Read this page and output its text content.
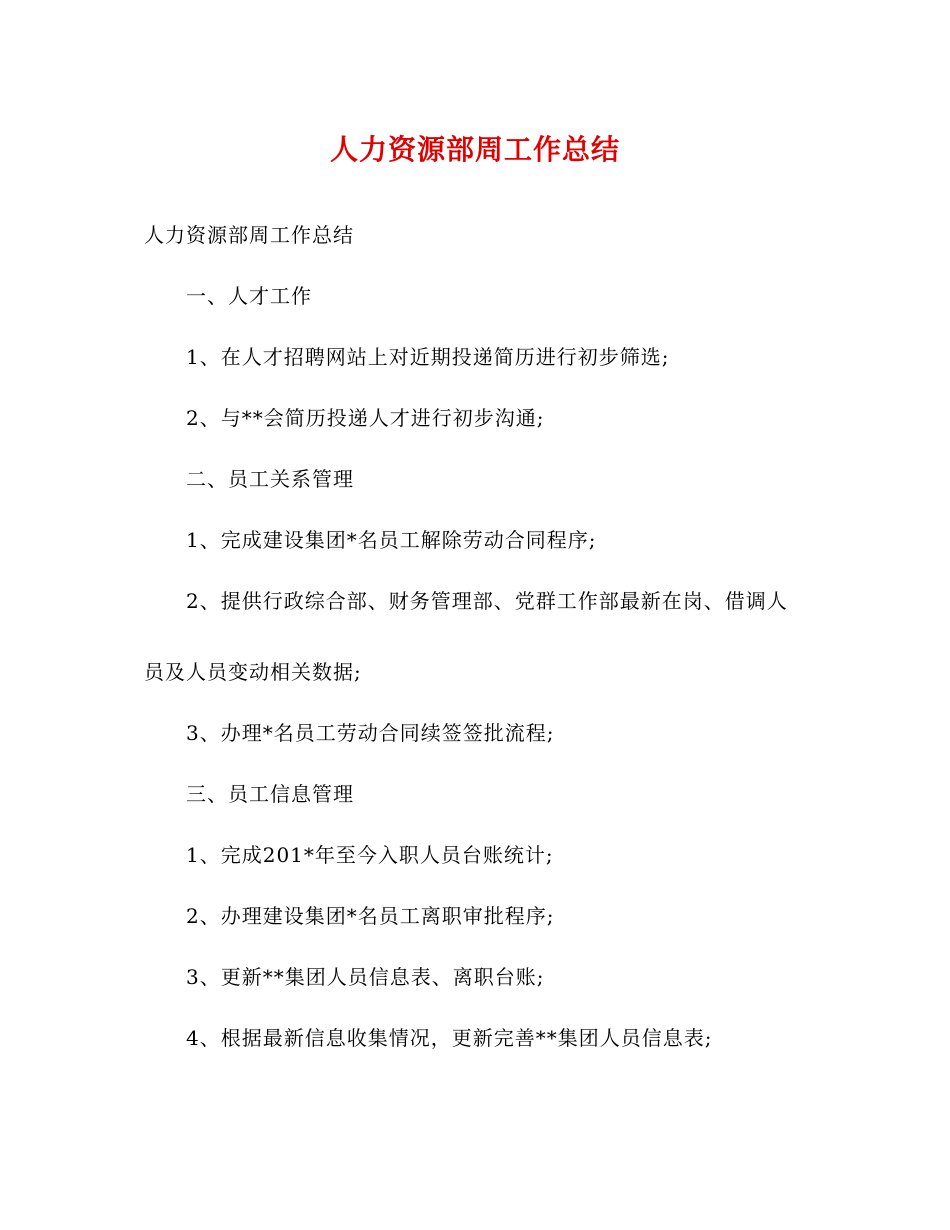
人力资源部周工作总结
人力资源部周工作总结
一、人才工作
1、在人才招聘网站上对近期投递简历进行初步筛选;
2、与**会简历投递人才进行初步沟通;
二、员工关系管理
1、完成建设集团*名员工解除劳动合同程序;
2、提供行政综合部、财务管理部、党群工作部最新在岗、借调人
员及人员变动相关数据;
3、办理*名员工劳动合同续签签批流程;
三、员工信息管理
1、完成201*年至今入职人员台账统计;
2、办理建设集团*名员工离职审批程序;
3、更新**集团人员信息表、离职台账;
4、根据最新信息收集情况，更新完善**集团人员信息表;
